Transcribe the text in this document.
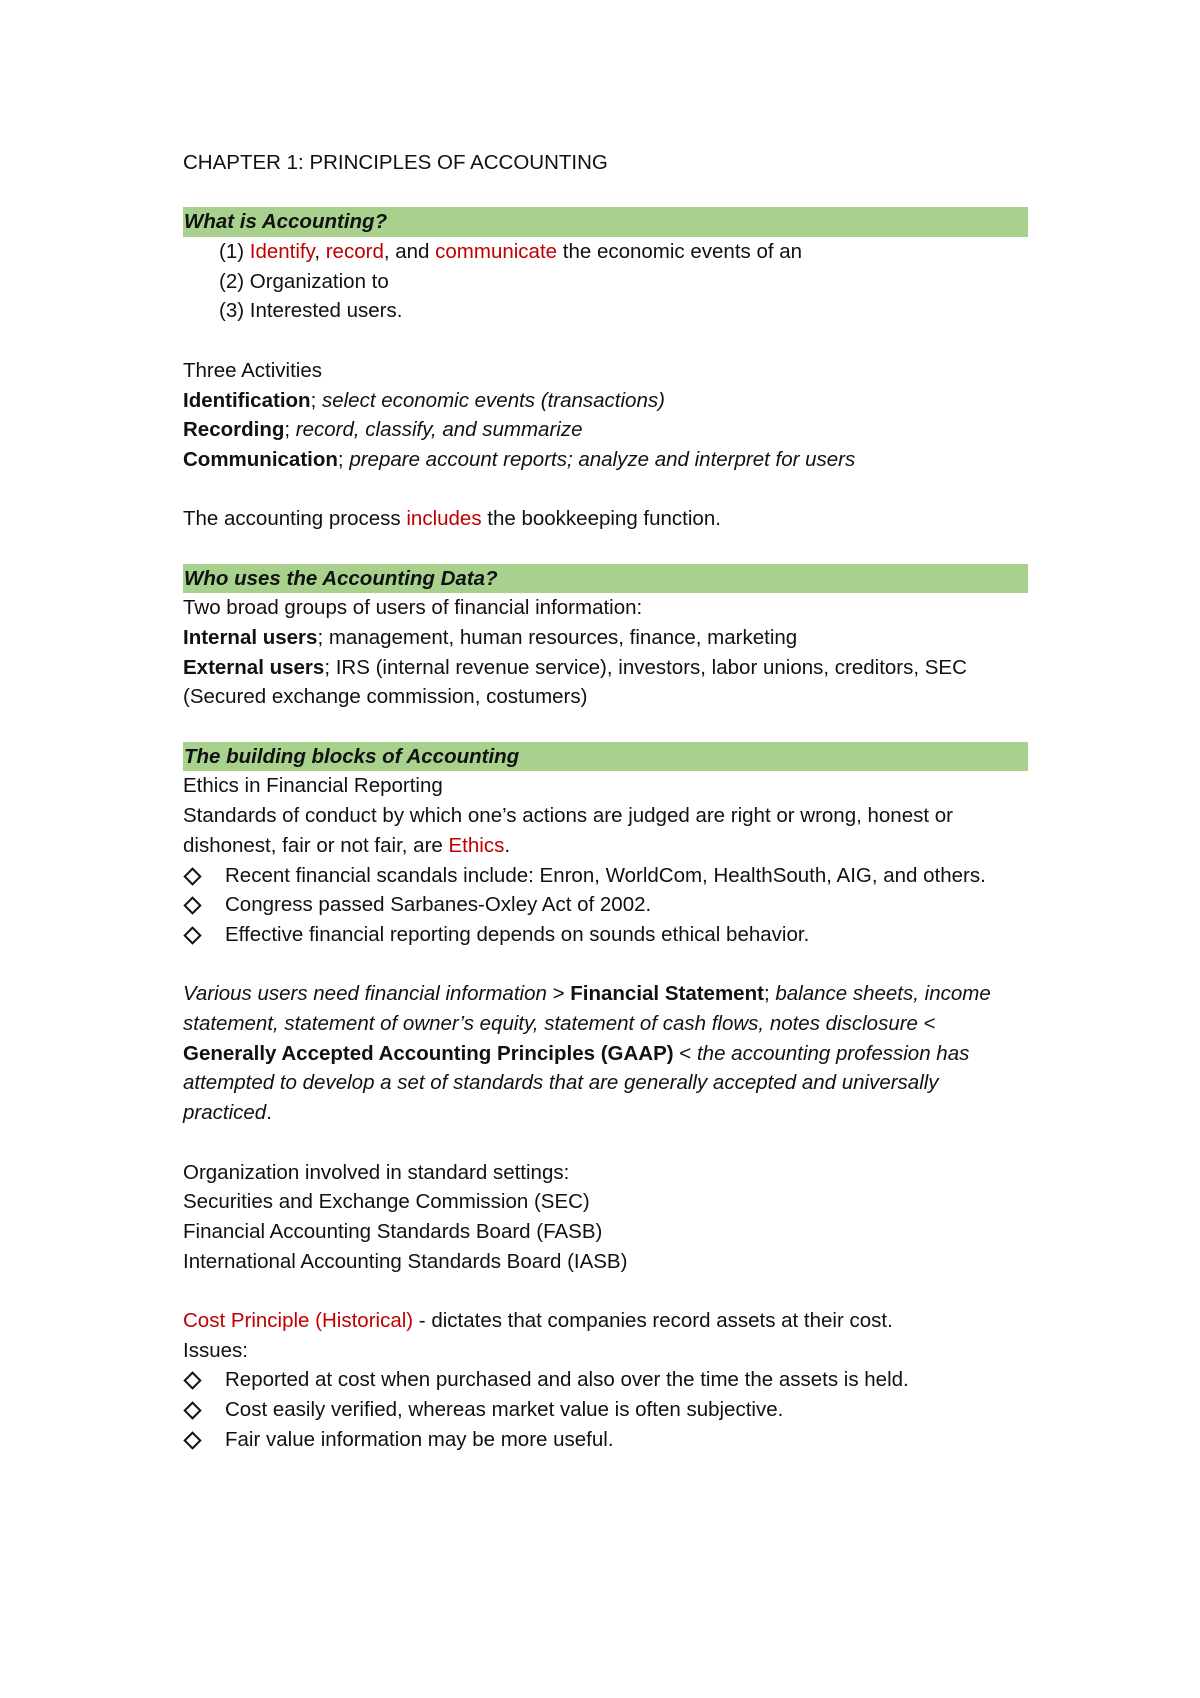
CHAPTER 1: PRINCIPLES OF ACCOUNTING
What is Accounting?
(1) Identify, record, and communicate the economic events of an
(2) Organization to
(3) Interested users.
Three Activities
Identification; select economic events (transactions)
Recording; record, classify, and summarize
Communication; prepare account reports; analyze and interpret for users
The accounting process includes the bookkeeping function.
Who uses the Accounting Data?
Two broad groups of users of financial information:
Internal users; management, human resources, finance, marketing
External users; IRS (internal revenue service), investors, labor unions, creditors, SEC (Secured exchange commission, costumers)
The building blocks of Accounting
Ethics in Financial Reporting
Standards of conduct by which one’s actions are judged are right or wrong, honest or dishonest, fair or not fair, are Ethics.
Recent financial scandals include: Enron, WorldCom, HealthSouth, AIG, and others.
Congress passed Sarbanes-Oxley Act of 2002.
Effective financial reporting depends on sounds ethical behavior.
Various users need financial information > Financial Statement; balance sheets, income statement, statement of owner’s equity, statement of cash flows, notes disclosure < Generally Accepted Accounting Principles (GAAP) < the accounting profession has attempted to develop a set of standards that are generally accepted and universally practiced.
Organization involved in standard settings:
Securities and Exchange Commission (SEC)
Financial Accounting Standards Board (FASB)
International Accounting Standards Board (IASB)
Cost Principle (Historical) - dictates that companies record assets at their cost.
Issues:
Reported at cost when purchased and also over the time the assets is held.
Cost easily verified, whereas market value is often subjective.
Fair value information may be more useful.
